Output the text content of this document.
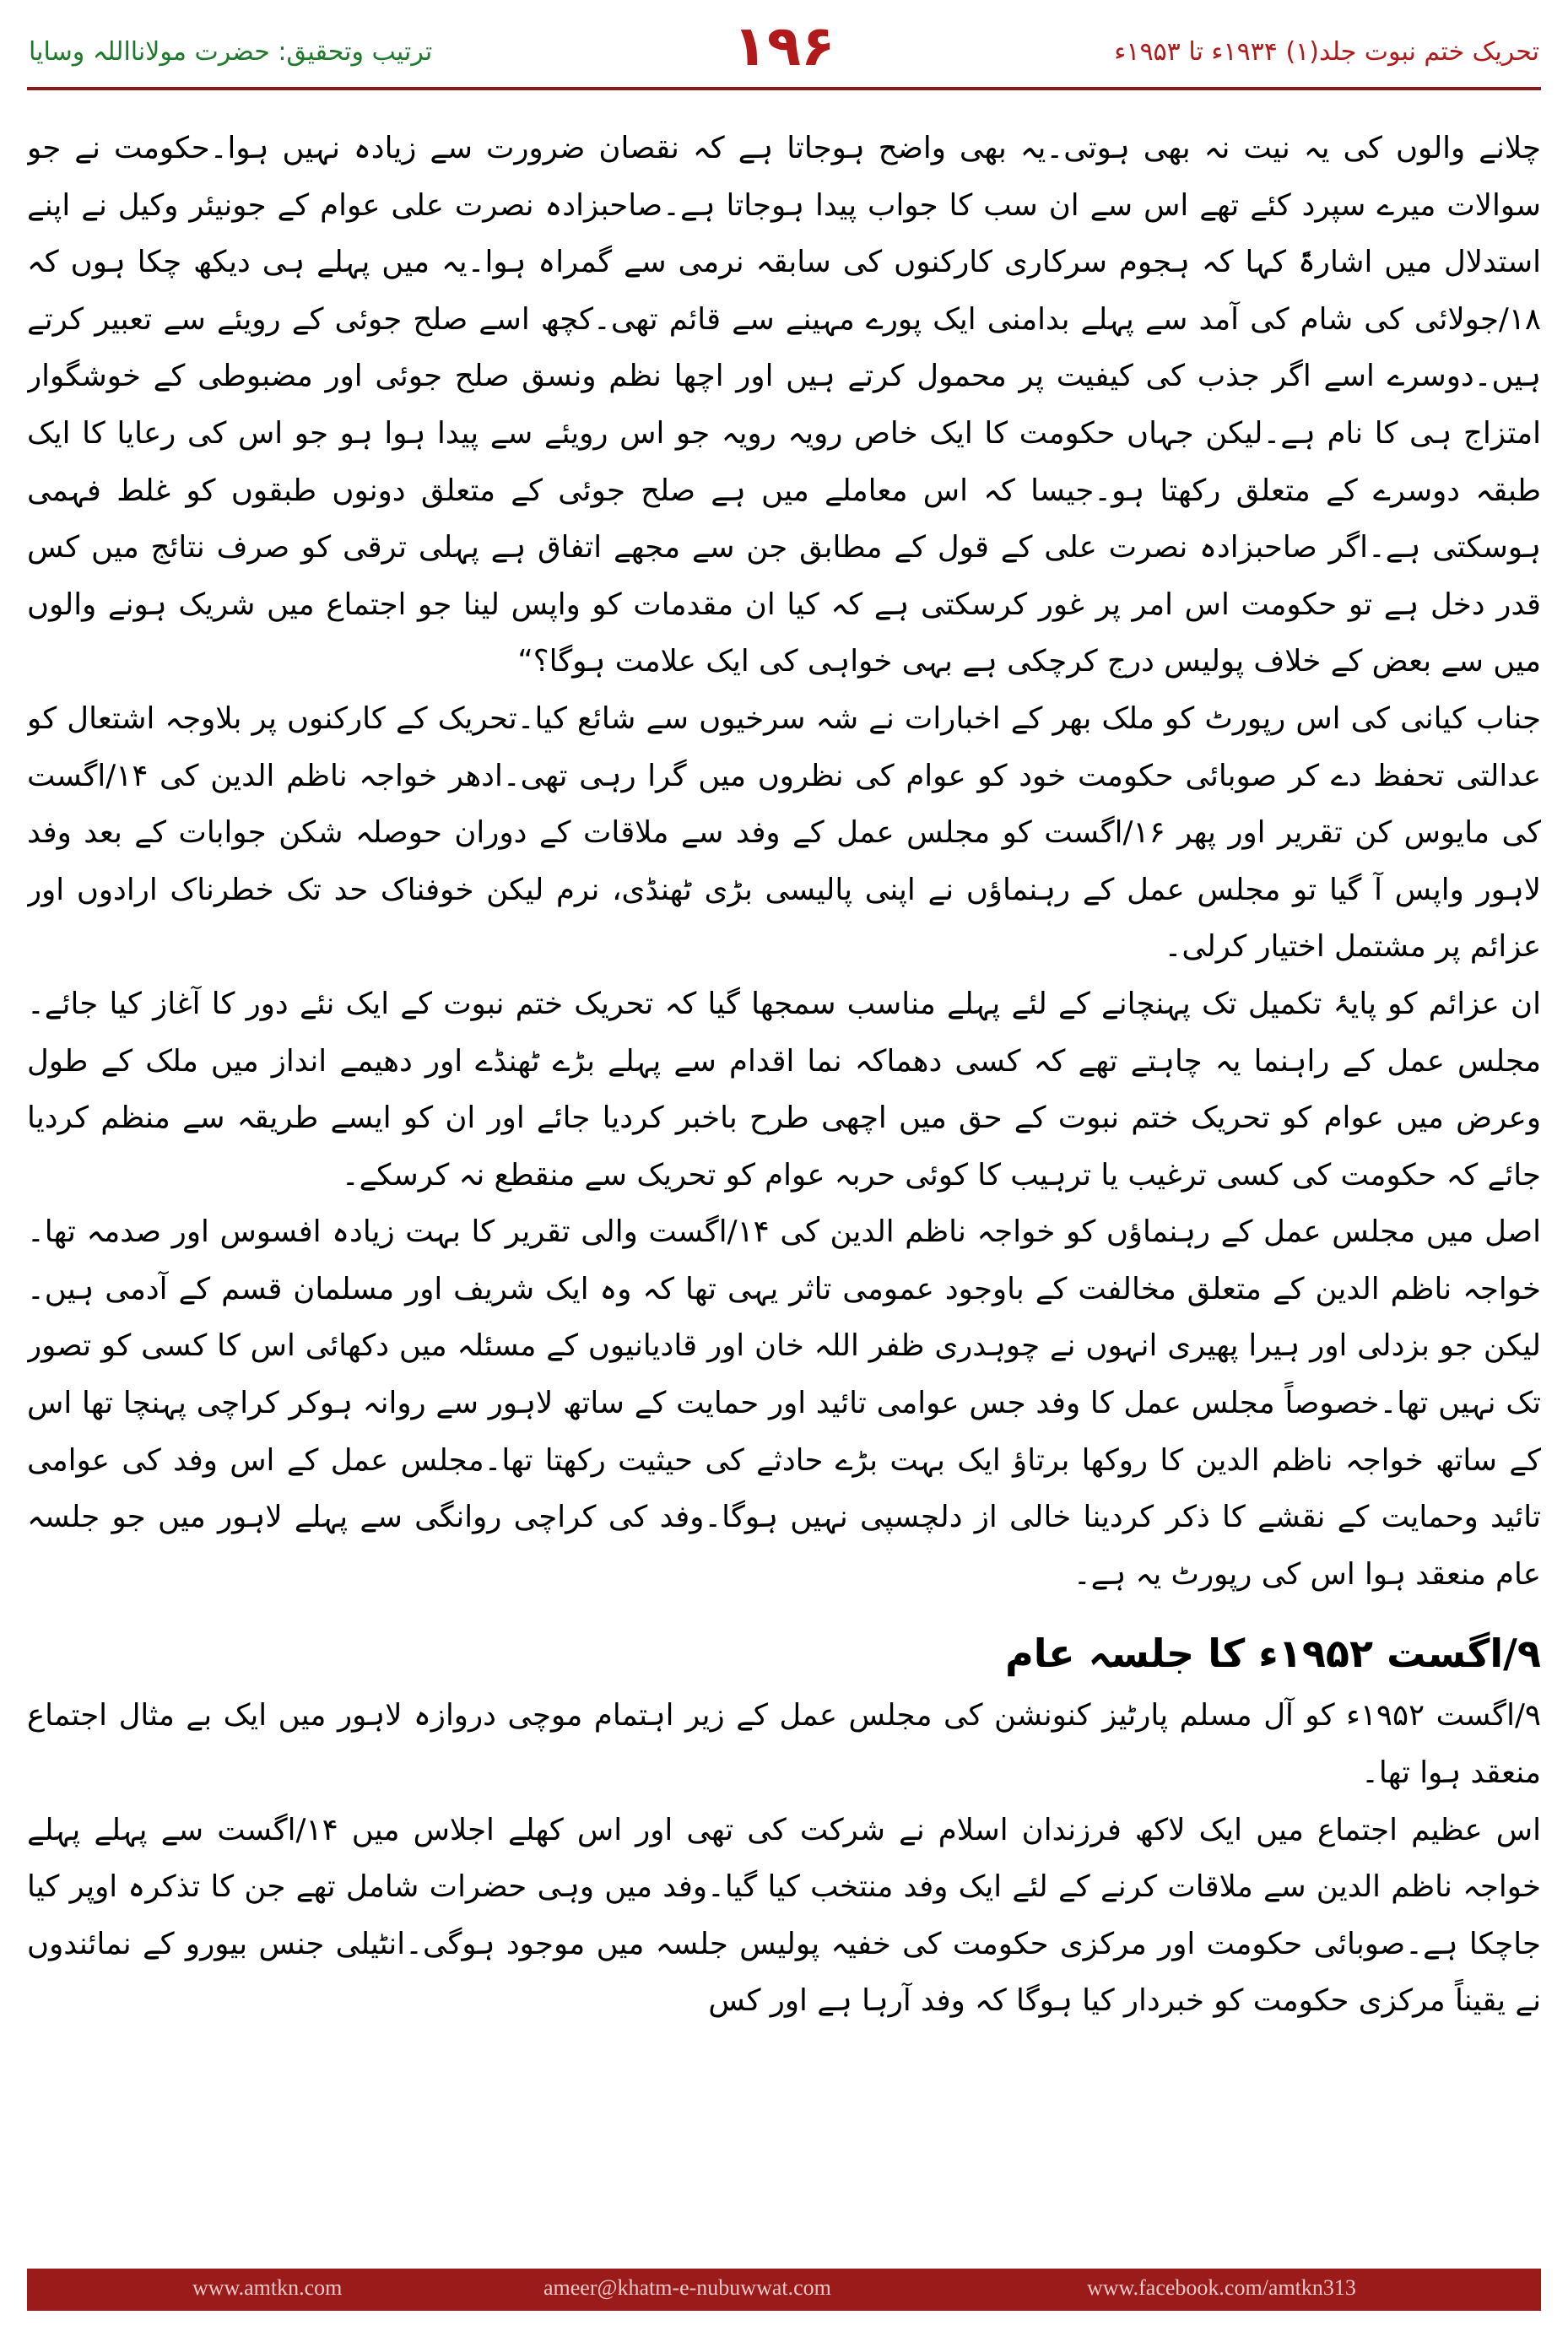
ترتیب وتحقیق: حضرت مولانااللہ وسایا	۱۹۶	تحریک ختم نبوت جلد(۱) ۱۹۳۴ء تا ۱۹۵۳ء

چلانے والوں کی یہ نیت نہ بھی ہوتی۔یہ بھی واضح ہوجاتا ہے کہ نقصان ضرورت سے زیادہ نہیں ہوا۔حکومت نے جو سوالات میرے سپرد کئے تھے اس سے ان سب کا جواب پیدا ہوجاتا ہے۔صاحبزادہ نصرت علی عوام کے جونیئر وکیل نے اپنے استدلال میں اشارۃً کہا کہ ہجوم سرکاری کارکنوں کی سابقہ نرمی سے گمراہ ہوا۔یہ میں پہلے ہی دیکھ چکا ہوں کہ ۱۸/جولائی کی شام کی آمد سے پہلے بدامنی ایک پورے مہینے سے قائم تھی۔کچھ اسے صلح جوئی کے رویئے سے تعبیر کرتے ہیں۔دوسرے اسے اگر جذب کی کیفیت پر محمول کرتے ہیں اور اچھا نظم ونسق صلح جوئی اور مضبوطی کے خوشگوار امتزاج ہی کا نام ہے۔لیکن جہاں حکومت کا ایک خاص رویہ رویہ جو اس رویئے سے پیدا ہوا ہو جو اس کی رعایا کا ایک طبقہ دوسرے کے متعلق رکھتا ہو۔جیسا کہ اس معاملے میں ہے صلح جوئی کے متعلق دونوں طبقوں کو غلط فہمی ہوسکتی ہے۔اگر صاحبزادہ نصرت علی کے قول کے مطابق جن سے مجھے اتفاق ہے پہلی ترقی کو صرف نتائج میں کس قدر دخل ہے تو حکومت اس امر پر غور کرسکتی ہے کہ کیا ان مقدمات کو واپس لینا جو اجتماع میں شریک ہونے والوں میں سے بعض کے خلاف پولیس درج کرچکی ہے بہی خواہی کی ایک علامت ہوگا؟“

جناب کیانی کی اس رپورٹ کو ملک بھر کے اخبارات نے شہ سرخیوں سے شائع کیا۔تحریک کے کارکنوں پر بلاوجہ اشتعال کو عدالتی تحفظ دے کر صوبائی حکومت خود کو عوام کی نظروں میں گرا رہی تھی۔ادھر خواجہ ناظم الدین کی ۱۴/اگست کی مایوس کن تقریر اور پھر ۱۶/اگست کو مجلس عمل کے وفد سے ملاقات کے دوران حوصلہ شکن جوابات کے بعد وفد لاہور واپس آ گیا تو مجلس عمل کے رہنماؤں نے اپنی پالیسی بڑی ٹھنڈی، نرم لیکن خوفناک حد تک خطرناک ارادوں اور عزائم پر مشتمل اختیار کرلی۔

ان عزائم کو پایۂ تکمیل تک پہنچانے کے لئے پہلے مناسب سمجھا گیا کہ تحریک ختم نبوت کے ایک نئے دور کا آغاز کیا جائے۔مجلس عمل کے راہنما یہ چاہتے تھے کہ کسی دھماکہ نما اقدام سے پہلے بڑے ٹھنڈے اور دھیمے انداز میں ملک کے طول وعرض میں عوام کو تحریک ختم نبوت کے حق میں اچھی طرح باخبر کردیا جائے اور ان کو ایسے طریقہ سے منظم کردیا جائے کہ حکومت کی کسی ترغیب یا ترہیب کا کوئی حربہ عوام کو تحریک سے منقطع نہ کرسکے۔

اصل میں مجلس عمل کے رہنماؤں کو خواجہ ناظم الدین کی ۱۴/اگست والی تقریر کا بہت زیادہ افسوس اور صدمہ تھا۔خواجہ ناظم الدین کے متعلق مخالفت کے باوجود عمومی تاثر یہی تھا کہ وہ ایک شریف اور مسلمان قسم کے آدمی ہیں۔لیکن جو بزدلی اور ہیرا پھیری انہوں نے چوہدری ظفر اللہ خان اور قادیانیوں کے مسئلہ میں دکھائی اس کا کسی کو تصور تک نہیں تھا۔خصوصاً مجلس عمل کا وفد جس عوامی تائید اور حمایت کے ساتھ لاہور سے روانہ ہوکر کراچی پہنچا تھا اس کے ساتھ خواجہ ناظم الدین کا روکھا برتاؤ ایک بہت بڑے حادثے کی حیثیت رکھتا تھا۔مجلس عمل کے اس وفد کی عوامی تائید وحمایت کے نقشے کا ذکر کردینا خالی از دلچسپی نہیں ہوگا۔وفد کی کراچی روانگی سے پہلے لاہور میں جو جلسہ عام منعقد ہوا اس کی رپورٹ یہ ہے۔

۹/اگست ۱۹۵۲ء کا جلسہ عام

۹/اگست ۱۹۵۲ء کو آل مسلم پارٹیز کنونشن کی مجلس عمل کے زیر اہتمام موچی دروازہ لاہور میں ایک بے مثال اجتماع منعقد ہوا تھا۔

اس عظیم اجتماع میں ایک لاکھ فرزندان اسلام نے شرکت کی تھی اور اس کھلے اجلاس میں ۱۴/اگست سے پہلے پہلے خواجہ ناظم الدین سے ملاقات کرنے کے لئے ایک وفد منتخب کیا گیا۔وفد میں وہی حضرات شامل تھے جن کا تذکرہ اوپر کیا جاچکا ہے۔صوبائی حکومت اور مرکزی حکومت کی خفیہ پولیس جلسہ میں موجود ہوگی۔انٹیلی جنس بیورو کے نمائندوں نے یقیناً مرکزی حکومت کو خبردار کیا ہوگا کہ وفد آرہا ہے اور کس

www.amtkn.com	ameer@khatm-e-nubuwwat.com	www.facebook.com/amtkn313
